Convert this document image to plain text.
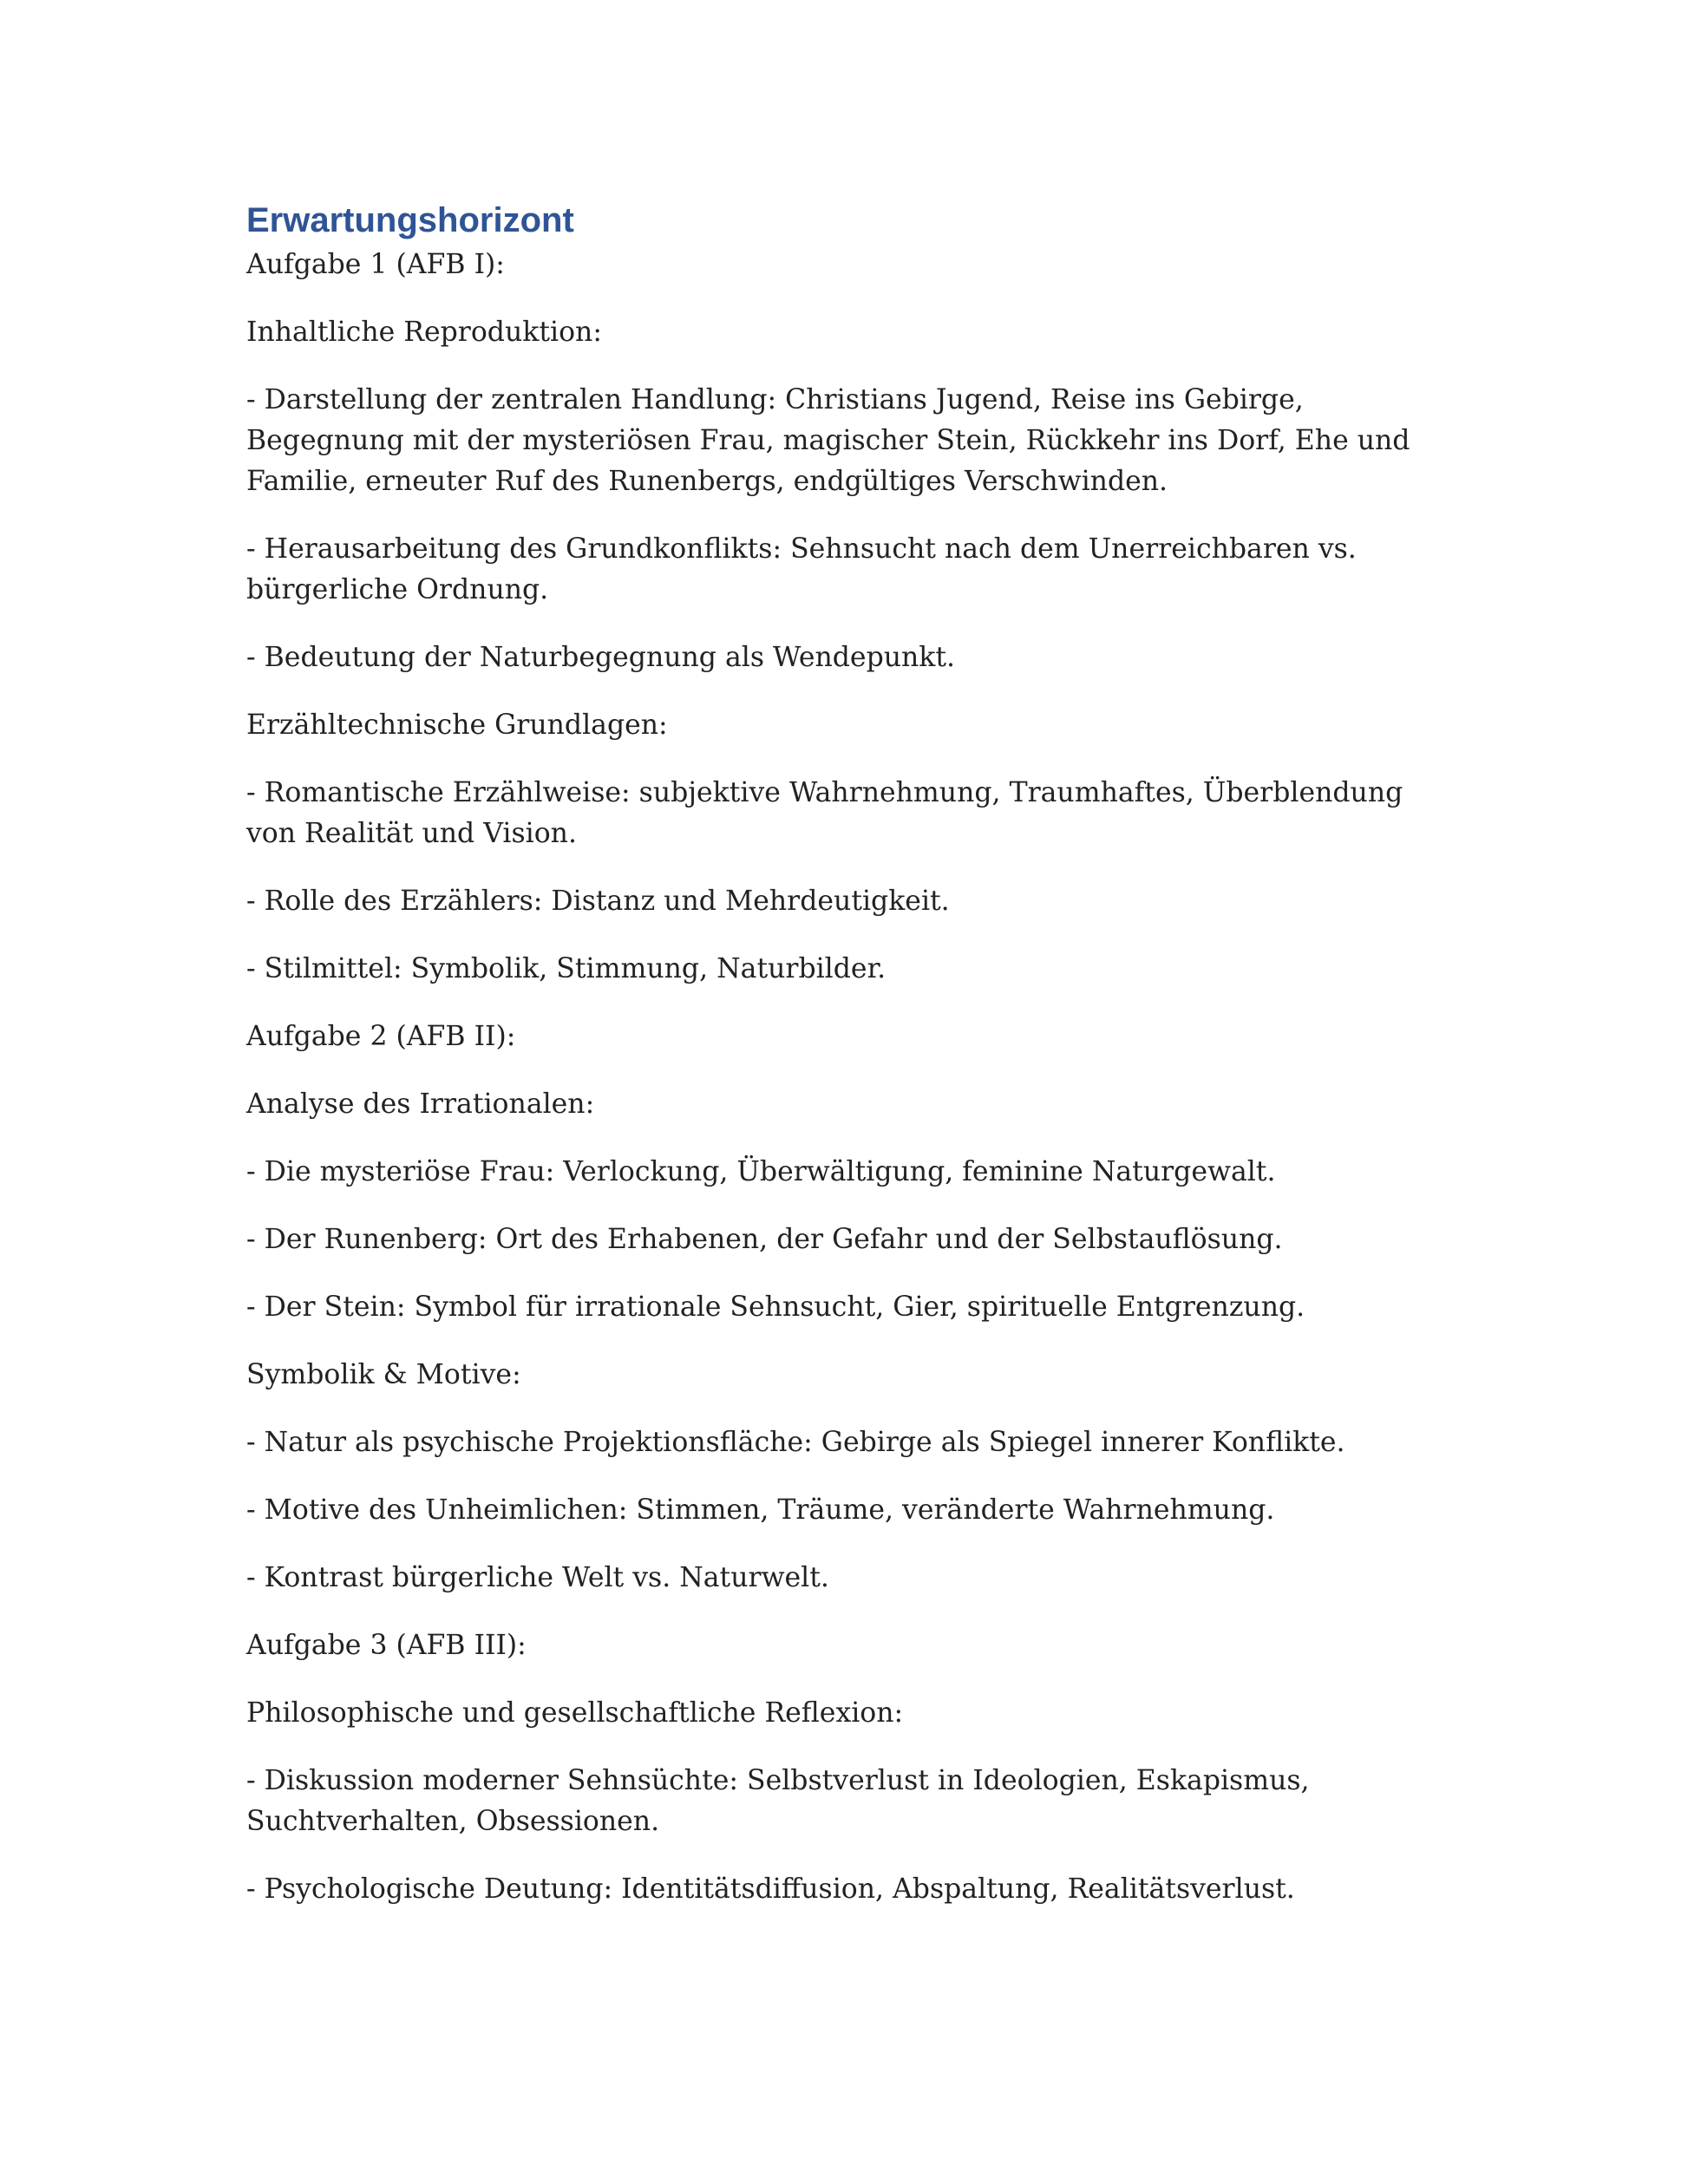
Erwartungshorizont

Aufgabe 1 (AFB I):

Inhaltliche Reproduktion:

- Darstellung der zentralen Handlung: Christians Jugend, Reise ins Gebirge, Begegnung mit der mysteriösen Frau, magischer Stein, Rückkehr ins Dorf, Ehe und Familie, erneuter Ruf des Runenbergs, endgültiges Verschwinden.

- Herausarbeitung des Grundkonflikts: Sehnsucht nach dem Unerreichbaren vs. bürgerliche Ordnung.

- Bedeutung der Naturbegegnung als Wendepunkt.

Erzähltechnische Grundlagen:

- Romantische Erzählweise: subjektive Wahrnehmung, Traumhaftes, Überblendung von Realität und Vision.

- Rolle des Erzählers: Distanz und Mehrdeutigkeit.

- Stilmittel: Symbolik, Stimmung, Naturbilder.

Aufgabe 2 (AFB II):

Analyse des Irrationalen:

- Die mysteriöse Frau: Verlockung, Überwältigung, feminine Naturgewalt.

- Der Runenberg: Ort des Erhabenen, der Gefahr und der Selbstauflösung.

- Der Stein: Symbol für irrationale Sehnsucht, Gier, spirituelle Entgrenzung.

Symbolik & Motive:

- Natur als psychische Projektionsfläche: Gebirge als Spiegel innerer Konflikte.

- Motive des Unheimlichen: Stimmen, Träume, veränderte Wahrnehmung.

- Kontrast bürgerliche Welt vs. Naturwelt.

Aufgabe 3 (AFB III):

Philosophische und gesellschaftliche Reflexion:

- Diskussion moderner Sehnsüchte: Selbstverlust in Ideologien, Eskapismus, Suchtverhalten, Obsessionen.

- Psychologische Deutung: Identitätsdiffusion, Abspaltung, Realitätsverlust.
